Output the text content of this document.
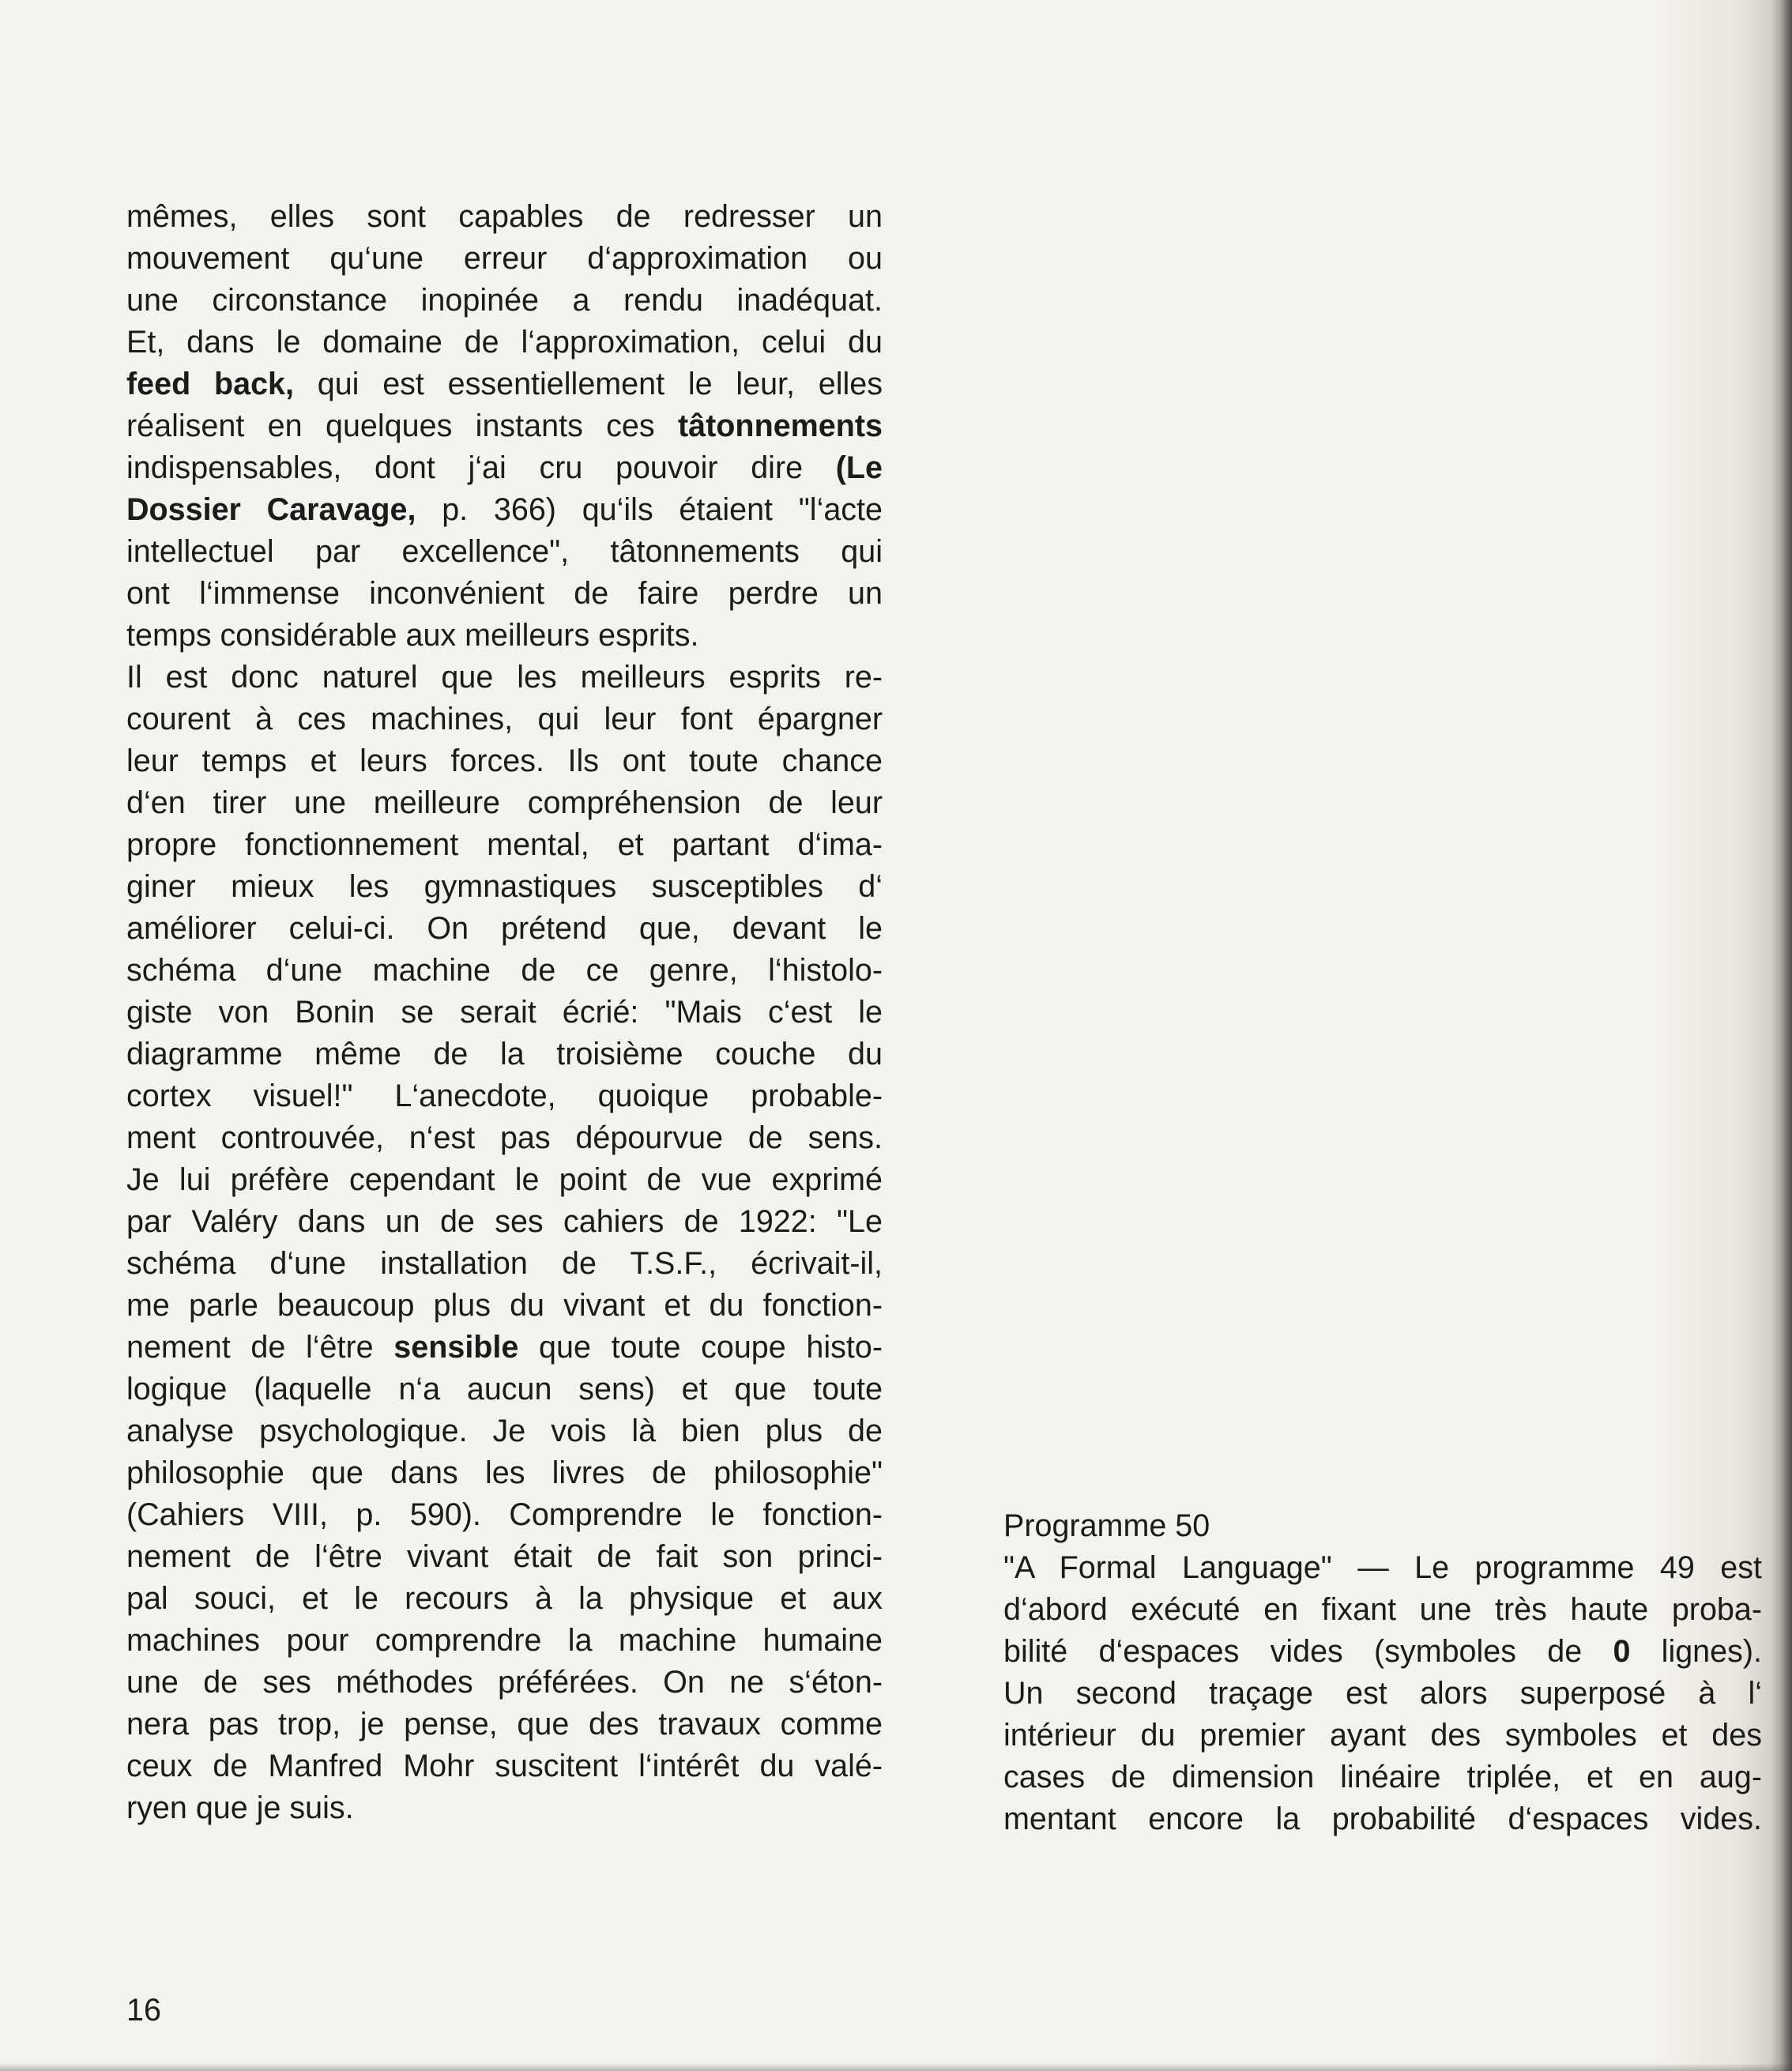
mêmes, elles sont capables de redresser un
mouvement qu‘une erreur d‘approximation ou
une circonstance inopinée a rendu inadéquat.
Et, dans le domaine de l‘approximation, celui du
feed back, qui est essentiellement le leur, elles
réalisent en quelques instants ces tâtonnements
indispensables, dont j‘ai cru pouvoir dire (Le
Dossier Caravage, p. 366) qu‘ils étaient "l‘acte
intellectuel par excellence", tâtonnements qui
ont l‘immense inconvénient de faire perdre un
temps considérable aux meilleurs esprits.
Il est donc naturel que les meilleurs esprits re-
courent à ces machines, qui leur font épargner
leur temps et leurs forces. Ils ont toute chance
d‘en tirer une meilleure compréhension de leur
propre fonctionnement mental, et partant d‘ima-
giner mieux les gymnastiques susceptibles d‘
améliorer celui-ci. On prétend que, devant le
schéma d‘une machine de ce genre, l‘histolo-
giste von Bonin se serait écrié: "Mais c‘est le
diagramme même de la troisième couche du
cortex visuel!" L‘anecdote, quoique probable-
ment controuvée, n‘est pas dépourvue de sens.
Je lui préfère cependant le point de vue exprimé
par Valéry dans un de ses cahiers de 1922: "Le
schéma d‘une installation de T.S.F., écrivait-il,
me parle beaucoup plus du vivant et du fonction-
nement de l‘être sensible que toute coupe histo-
logique (laquelle n‘a aucun sens) et que toute
analyse psychologique. Je vois là bien plus de
philosophie que dans les livres de philosophie"
(Cahiers VIII, p. 590). Comprendre le fonction-
nement de l‘être vivant était de fait son princi-
pal souci, et le recours à la physique et aux
machines pour comprendre la machine humaine
une de ses méthodes préférées. On ne s‘éton-
nera pas trop, je pense, que des travaux comme
ceux de Manfred Mohr suscitent l‘intérêt du valé-
ryen que je suis.
Programme 50
"A Formal Language" — Le programme 49 est
d‘abord exécuté en fixant une très haute proba-
bilité d‘espaces vides (symboles de 0 lignes).
Un second traçage est alors superposé à l‘
intérieur du premier ayant des symboles et des
cases de dimension linéaire triplée, et en aug-
mentant encore la probabilité d‘espaces vides.
16
